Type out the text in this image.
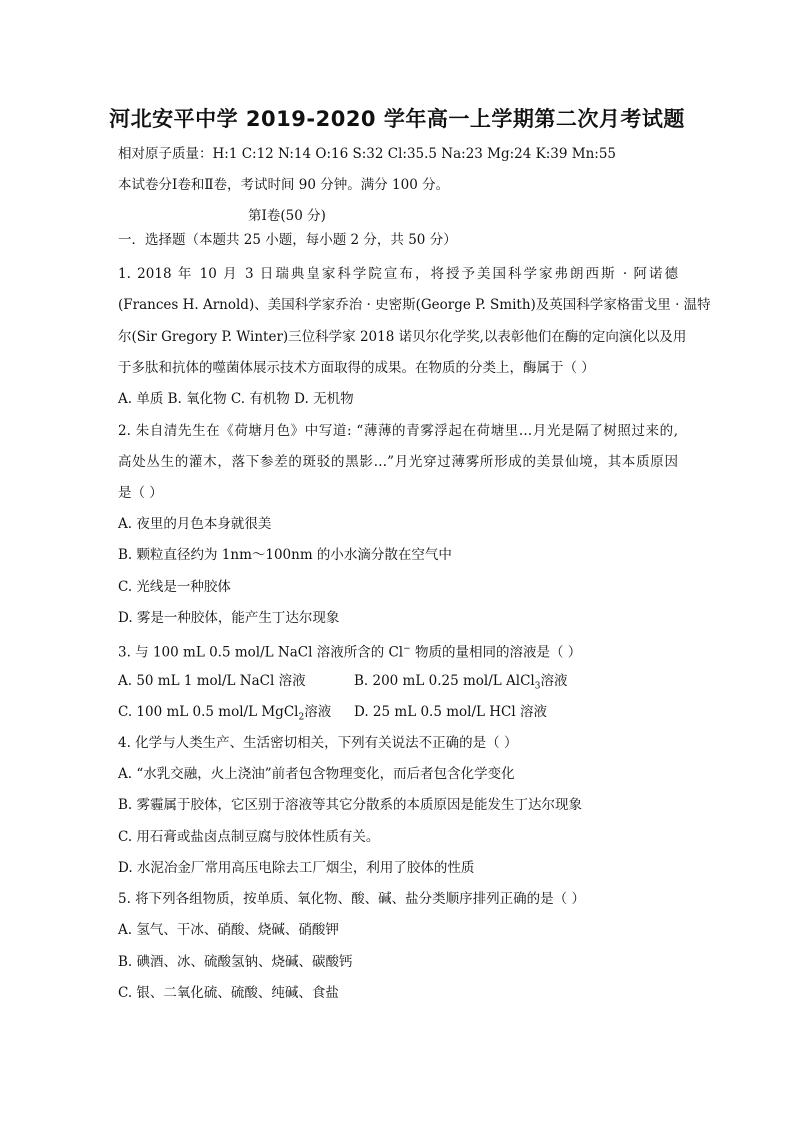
河北安平中学 2019-2020 学年高一上学期第二次月考试题
相对原子质量：H:1 C:12 N:14 O:16 S:32 Cl:35.5 Na:23 Mg:24 K:39 Mn:55
本试卷分Ⅰ卷和Ⅱ卷，考试时间 90 分钟。满分 100 分。
第Ⅰ卷(50 分)
一．选择题（本题共 25 小题，每小题 2 分，共 50 分）
1. 2018 年 10 月 3 日瑞典皇家科学院宣布，将授予美国科学家弗朗西斯 · 阿诺德
(Frances H. Arnold)、美国科学家乔治 · 史密斯(George P. Smith)及英国科学家格雷戈里 · 温特
尔(Sir Gregory P. Winter)三位科学家 2018 诺贝尔化学奖,以表彰他们在酶的定向演化以及用
于多肽和抗体的噬菌体展示技术方面取得的成果。在物质的分类上，酶属于（ ）
A. 单质 B. 氧化物 C. 有机物 D. 无机物
2. 朱自清先生在《荷塘月色》中写道: “薄薄的青雾浮起在荷塘里…月光是隔了树照过来的,
高处丛生的灌木，落下参差的斑驳的黑影…”月光穿过薄雾所形成的美景仙境，其本质原因
是（ ）
A. 夜里的月色本身就很美
B. 颗粒直径约为 1nm～100nm 的小水滴分散在空气中
C. 光线是一种胶体
D. 雾是一种胶体，能产生丁达尔现象
3. 与 100 mL 0.5 mol/L NaCl 溶液所含的 Cl− 物质的量相同的溶液是（ ）
A. 50 mL 1 mol/L NaCl 溶液	B. 200 mL 0.25 mol/L AlCl$_3$溶液
C. 100 mL 0.5 mol/L MgCl$_2$溶液 D. 25 mL 0.5 mol/L HCl 溶液
4. 化学与人类生产、生活密切相关，下列有关说法不正确的是（ ）
A. “水乳交融，火上浇油”前者包含物理变化，而后者包含化学变化
B. 雾霾属于胶体，它区别于溶液等其它分散系的本质原因是能发生丁达尔现象
C. 用石膏或盐卤点制豆腐与胶体性质有关。
D. 水泥冶金厂常用高压电除去工厂烟尘，利用了胶体的性质
5. 将下列各组物质，按单质、氧化物、酸、碱、盐分类顺序排列正确的是（ ）
A. 氢气、干冰、硝酸、烧碱、硝酸钾
B. 碘酒、冰、硫酸氢钠、烧碱、碳酸钙
C. 银、二氧化硫、硫酸、纯碱、食盐
